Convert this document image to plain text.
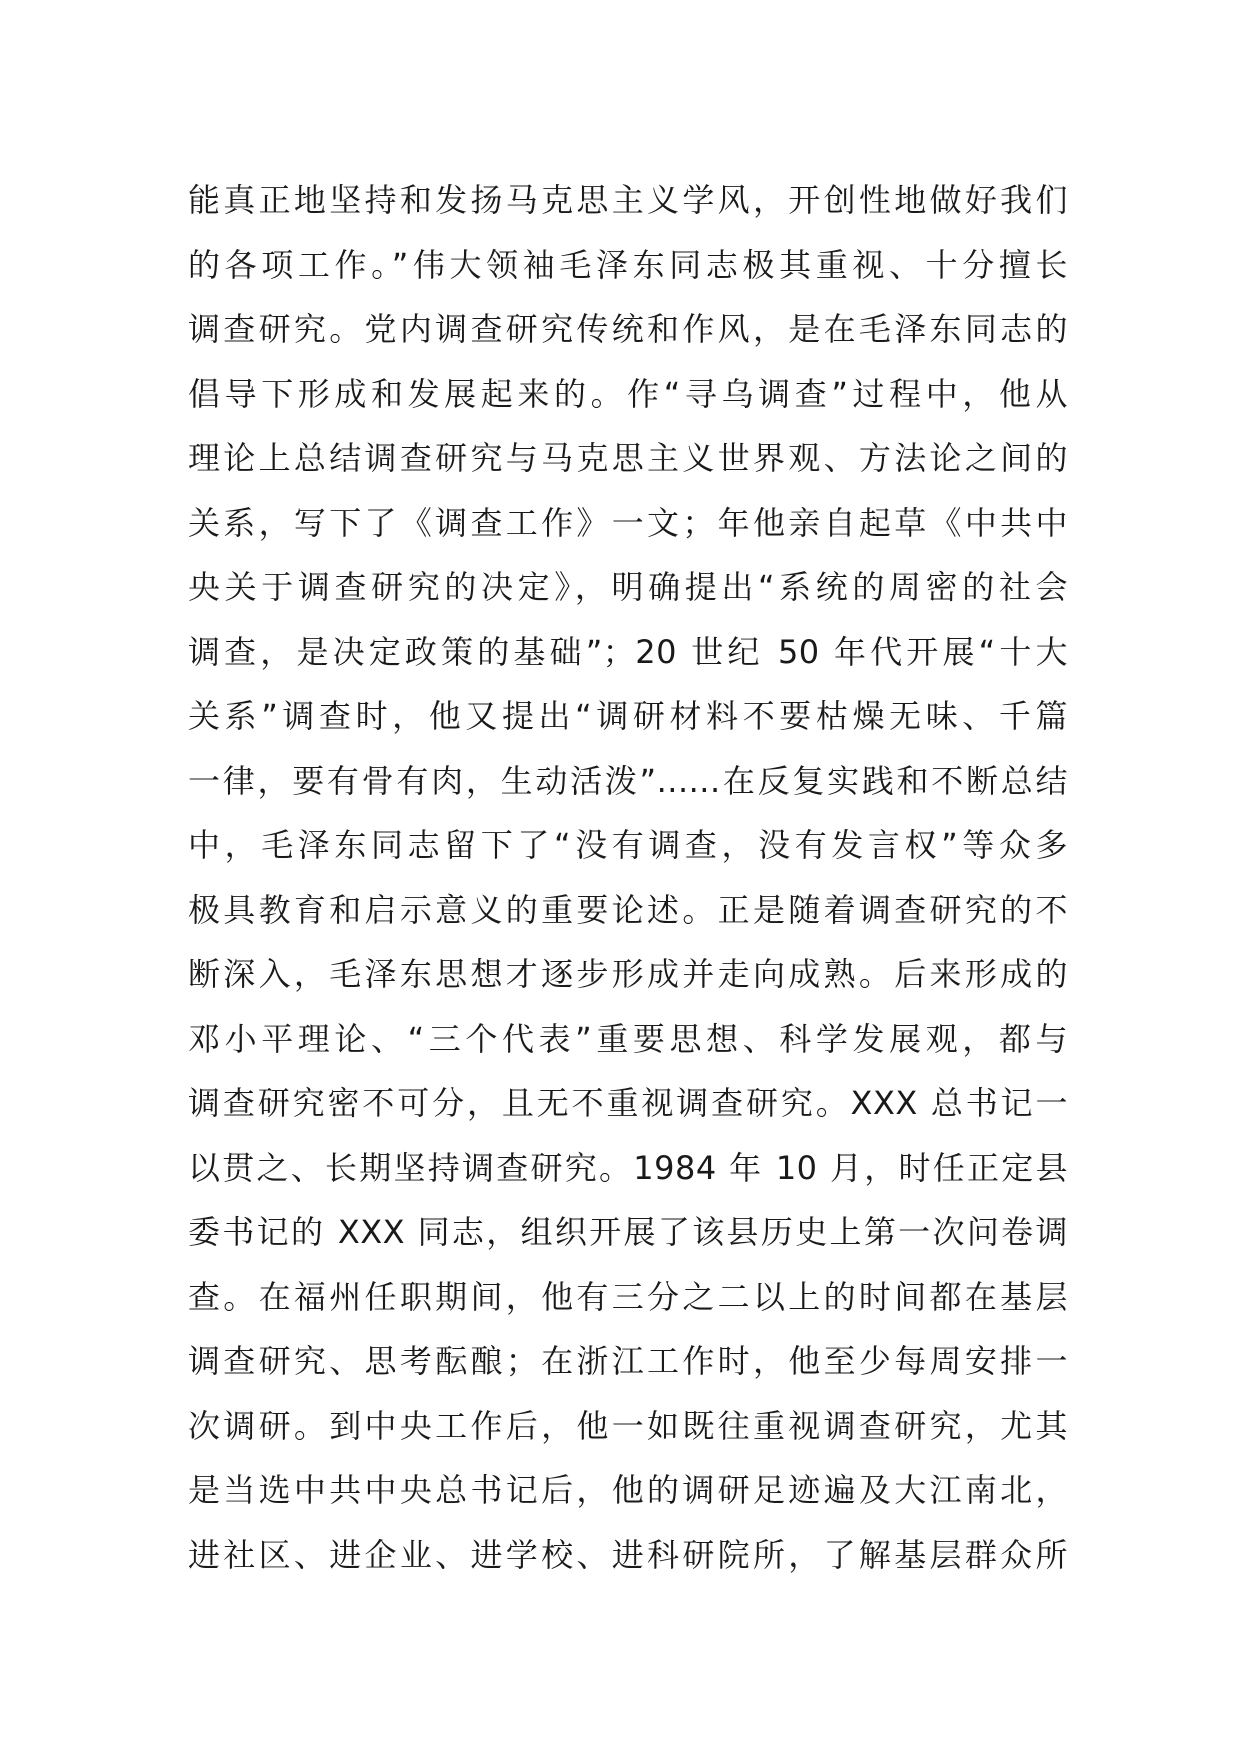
能真正地坚持和发扬马克思主义学风，开创性地做好我们
的各项工作。”伟大领袖毛泽东同志极其重视、十分擅长
调查研究。党内调查研究传统和作风，是在毛泽东同志的
倡导下形成和发展起来的。作“寻乌调查”过程中，他从
理论上总结调查研究与马克思主义世界观、方法论之间的
关系，写下了《调查工作》一文；年他亲自起草《中共中
央关于调查研究的决定》，明确提出“系统的周密的社会
调查，是决定政策的基础”；20 世纪 50 年代开展“十大
关系”调查时，他又提出“调研材料不要枯燥无味、千篇
一律，要有骨有肉，生动活泼”......在反复实践和不断总结
中，毛泽东同志留下了“没有调查，没有发言权”等众多
极具教育和启示意义的重要论述。正是随着调查研究的不
断深入，毛泽东思想才逐步形成并走向成熟。后来形成的
邓小平理论、“三个代表”重要思想、科学发展观，都与
调查研究密不可分，且无不重视调查研究。XXX 总书记一
以贯之、长期坚持调查研究。1984 年 10 月，时任正定县
委书记的 XXX 同志，组织开展了该县历史上第一次问卷调
查。在福州任职期间，他有三分之二以上的时间都在基层
调查研究、思考酝酿；在浙江工作时，他至少每周安排一
次调研。到中央工作后，他一如既往重视调查研究，尤其
是当选中共中央总书记后，他的调研足迹遍及大江南北，
进社区、进企业、进学校、进科研院所，了解基层群众所
